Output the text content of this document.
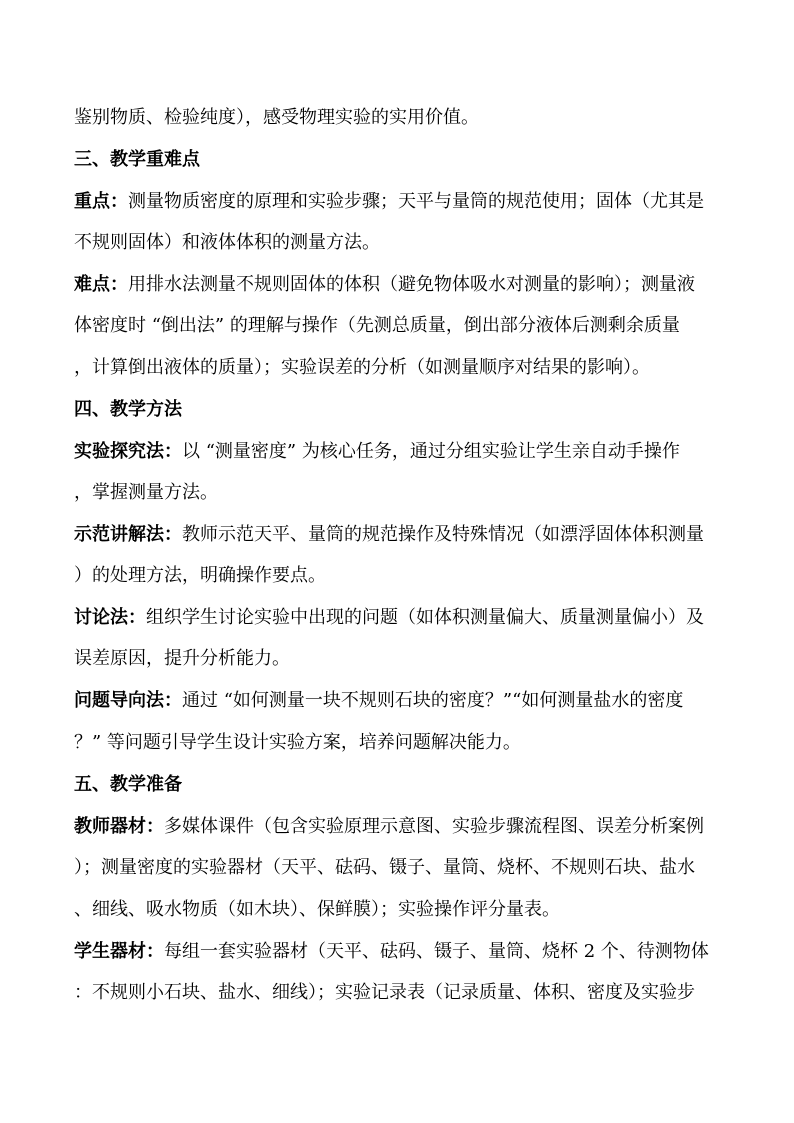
鉴别物质、检验纯度），感受物理实验的实用价值。
三、教学重难点
重点：测量物质密度的原理和实验步骤；天平与量筒的规范使用；固体（尤其是
不规则固体）和液体体积的测量方法。
难点：用排水法测量不规则固体的体积（避免物体吸水对测量的影响）；测量液
体密度时 “倒出法” 的理解与操作（先测总质量，倒出部分液体后测剩余质量
，计算倒出液体的质量）；实验误差的分析（如测量顺序对结果的影响）。
四、教学方法
实验探究法：以 “测量密度” 为核心任务，通过分组实验让学生亲自动手操作
，掌握测量方法。
示范讲解法：教师示范天平、量筒的规范操作及特殊情况（如漂浮固体体积测量
）的处理方法，明确操作要点。
讨论法：组织学生讨论实验中出现的问题（如体积测量偏大、质量测量偏小）及
误差原因，提升分析能力。
问题导向法：通过 “如何测量一块不规则石块的密度？”“如何测量盐水的密度
？” 等问题引导学生设计实验方案，培养问题解决能力。
五、教学准备
教师器材：多媒体课件（包含实验原理示意图、实验步骤流程图、误差分析案例
）；测量密度的实验器材（天平、砝码、镊子、量筒、烧杯、不规则石块、盐水
、细线、吸水物质（如木块）、保鲜膜）；实验操作评分量表。
学生器材：每组一套实验器材（天平、砝码、镊子、量筒、烧杯 2 个、待测物体
：不规则小石块、盐水、细线）；实验记录表（记录质量、体积、密度及实验步
